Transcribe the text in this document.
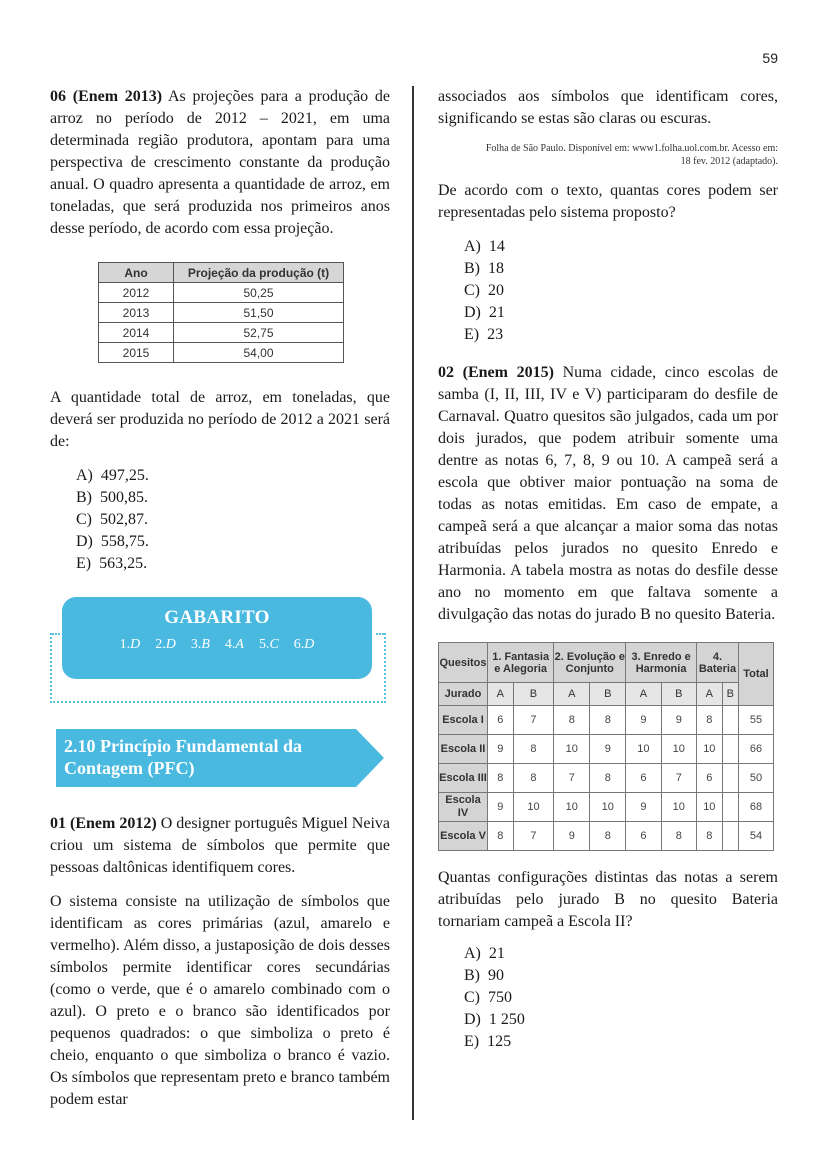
59

06 (Enem 2013) As projeções para a produção de arroz no período de 2012 – 2021, em uma determinada região produtora, apontam para uma perspectiva de crescimento constante da produção anual. O quadro apresenta a quantidade de arroz, em toneladas, que será produzida nos primeiros anos desse período, de acordo com essa projeção.

Ano	Projeção da produção (t)
2012	50,25
2013	51,50
2014	52,75
2015	54,00

A quantidade total de arroz, em toneladas, que deverá ser produzida no período de 2012 a 2021 será de:

A)  497,25.
B)  500,85.
C)  502,87.
D)  558,75.
E)  563,25.
GABARITO
1.D 2.D 3.B 4.A 5.C 6.D
2.10 Princípio Fundamental da
Contagem (PFC)

01 (Enem 2012) O designer português Miguel Neiva criou um sistema de símbolos que permite que pessoas daltônicas identifiquem cores.

O sistema consiste na utilização de símbolos que identificam as cores primárias (azul, amarelo e vermelho). Além disso, a justaposição de dois desses símbolos permite identificar cores secundárias (como o verde, que é o amarelo combinado com o azul). O preto e o branco são identificados por pequenos quadrados: o que simboliza o preto é cheio, enquanto o que simboliza o branco é vazio. Os símbolos que representam preto e branco também podem estar

associados aos símbolos que identificam cores, significando se estas são claras ou escuras.

Folha de São Paulo. Disponível em: www1.folha.uol.com.br. Acesso em:

18 fev. 2012 (adaptado).

De acordo com o texto, quantas cores podem ser representadas pelo sistema proposto?

A)  14
B)  18
C)  20
D)  21
E)  23

02 (Enem 2015) Numa cidade, cinco escolas de samba (I, II, III, IV e V) participaram do desfile de Carnaval. Quatro quesitos são julgados, cada um por dois jurados, que podem atribuir somente uma dentre as notas 6, 7, 8, 9 ou 10. A campeã será a escola que obtiver maior pontuação na soma de todas as notas emitidas. Em caso de empate, a campeã será a que alcançar a maior soma das notas atribuídas pelos jurados no quesito Enredo e Harmonia. A tabela mostra as notas do desfile desse ano no momento em que faltava somente a divulgação das notas do jurado B no quesito Bateria.

Quesitos	1. Fantasia e Alegoria		2. Evolução e Conjunto		3. Enredo e Harmonia		4. Bateria		Total
Jurado	A	B	A	B	A	B	A	B	
Escola I	6	7	8	8	9	9	8		55
Escola II	9	8	10	9	10	10	10		66
Escola III	8	8	7	8	6	7	6		50
Escola IV	9	10	10	10	9	10	10		68
Escola V	8	7	9	8	6	8	8		54

Quantas configurações distintas das notas a serem atribuídas pelo jurado B no quesito Bateria tornariam campeã a Escola II?

A)  21
B)  90
C)  750
D)  1 250
E)  125
